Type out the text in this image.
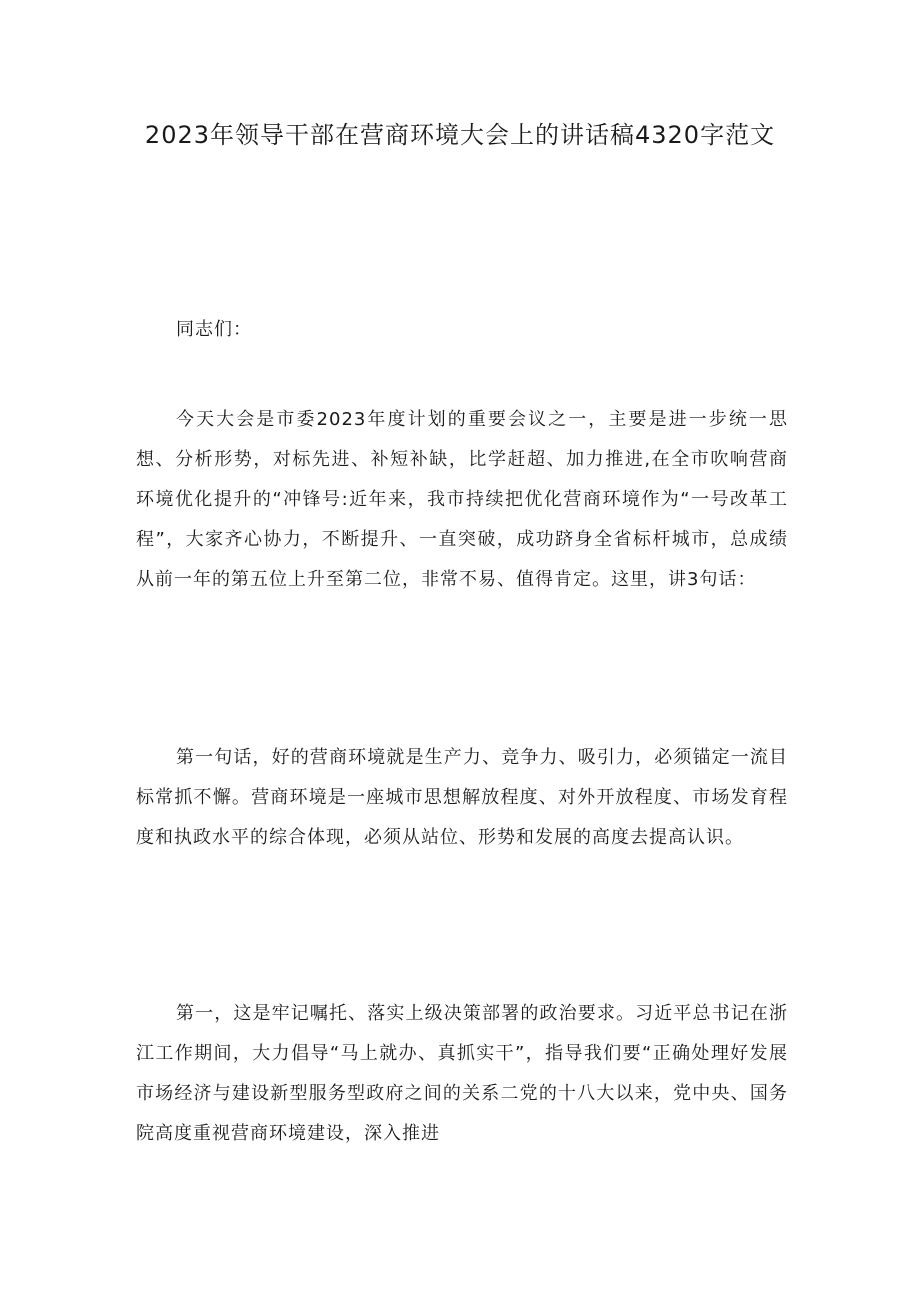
2023年领导干部在营商环境大会上的讲话稿4320字范文

同志们：

今天大会是市委2023年度计划的重要会议之一，主要是进一步统一思想、分析形势，对标先进、补短补缺，比学赶超、加力推进,在全市吹响营商环境优化提升的“冲锋号:近年来，我市持续把优化营商环境作为“一号改革工程”，大家齐心协力，不断提升、一直突破，成功跻身全省标杆城市，总成绩从前一年的第五位上升至第二位，非常不易、值得肯定。这里，讲3句话：

第一句话，好的营商环境就是生产力、竞争力、吸引力，必须锚定一流目标常抓不懈。营商环境是一座城市思想解放程度、对外开放程度、市场发育程度和执政水平的综合体现，必须从站位、形势和发展的高度去提高认识。

第一，这是牢记嘱托、落实上级决策部署的政治要求。习近平总书记在浙江工作期间，大力倡导“马上就办、真抓实干”，指导我们要“正确处理好发展市场经济与建设新型服务型政府之间的关系二党的十八大以来，党中央、国务院高度重视营商环境建设，深入推进
